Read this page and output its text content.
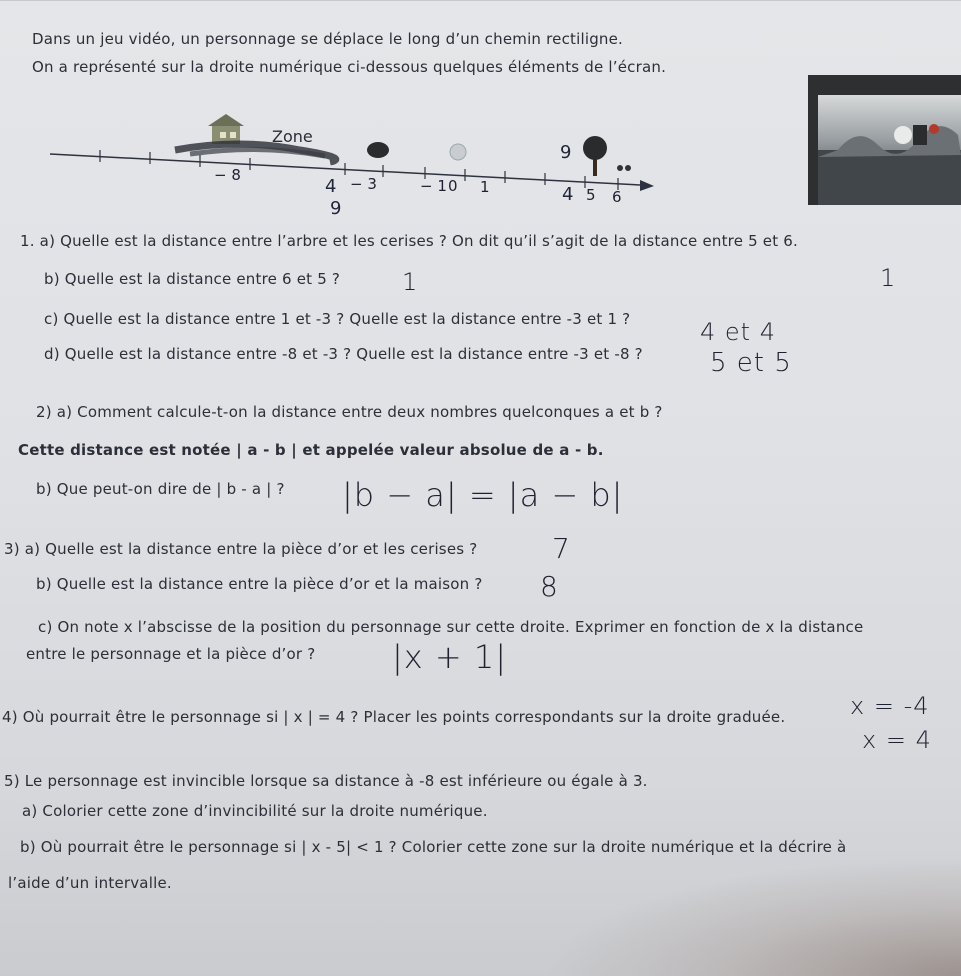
Dans un jeu vidéo, un personnage se déplace le long d’un chemin rectiligne.
On a représenté sur la droite numérique ci-dessous quelques éléments de l’écran.
Zone
− 8	− 3	− 1 0 1	5 6
4
9
9
4
1. a) Quelle est la distance entre l’arbre et les cerises ? On dit qu’il s’agit de la distance entre 5 et 6.
1
b) Quelle est la distance entre 6 et 5 ?	1
c) Quelle est la distance entre 1 et -3 ? Quelle est la distance entre -3 et 1 ?	4 et 4
d) Quelle est la distance entre -8 et -3 ? Quelle est la distance entre -3 et -8 ?	5 et 5
2) a) Comment calcule-t-on la distance entre deux nombres quelconques a et b ?
Cette distance est notée | a - b | et appelée valeur absolue de a - b.
b) Que peut-on dire de | b - a | ? |b − a| = |a − b|
3) a) Quelle est la distance entre la pièce d’or et les cerises ?	7
b) Quelle est la distance entre la pièce d’or et la maison ? 8
c) On note x l’abscisse de la position du personnage sur cette droite. Exprimer en fonction de x la distance
entre le personnage et la pièce d’or ? |x + 1|
4) Où pourrait être le personnage si | x | = 4 ? Placer les points correspondants sur la droite graduée.	x = -4
x = 4
5) Le personnage est invincible lorsque sa distance à -8 est inférieure ou égale à 3.
a) Colorier cette zone d’invincibilité sur la droite numérique.
b) Où pourrait être le personnage si | x - 5| < 1 ? Colorier cette zone sur la droite numérique et la décrire à
l’aide d’un intervalle.
